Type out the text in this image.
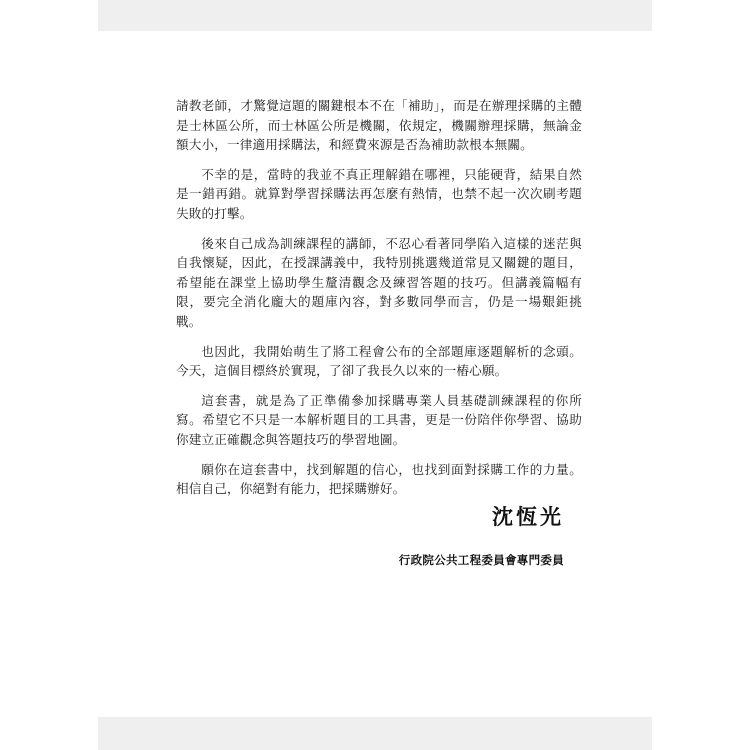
請教老師，才驚覺這題的關鍵根本不在「補助」，而是在辦理採購的主體是士林區公所，而士林區公所是機關，依規定，機關辦理採購，無論金額大小，一律適用採購法，和經費來源是否為補助款根本無關。

不幸的是，當時的我並不真正理解錯在哪裡，只能硬背，結果自然是一錯再錯。就算對學習採購法再怎麼有熱情，也禁不起一次次刷考題失敗的打擊。

後來自己成為訓練課程的講師，不忍心看著同學陷入這樣的迷茫與自我懷疑，因此，在授課講義中，我特別挑選幾道常見又關鍵的題目，希望能在課堂上協助學生釐清觀念及練習答題的技巧。但講義篇幅有限，要完全消化龐大的題庫內容，對多數同學而言，仍是一場艱鉅挑戰。

也因此，我開始萌生了將工程會公布的全部題庫逐題解析的念頭。今天，這個目標終於實現，了卻了我長久以來的一樁心願。

這套書，就是為了正準備參加採購專業人員基礎訓練課程的你所寫。希望它不只是一本解析題目的工具書，更是一份陪伴你學習、協助你建立正確觀念與答題技巧的學習地圖。

願你在這套書中，找到解題的信心，也找到面對採購工作的力量。相信自己，你絕對有能力，把採購辦好。

沈恆光
行政院公共工程委員會專門委員
